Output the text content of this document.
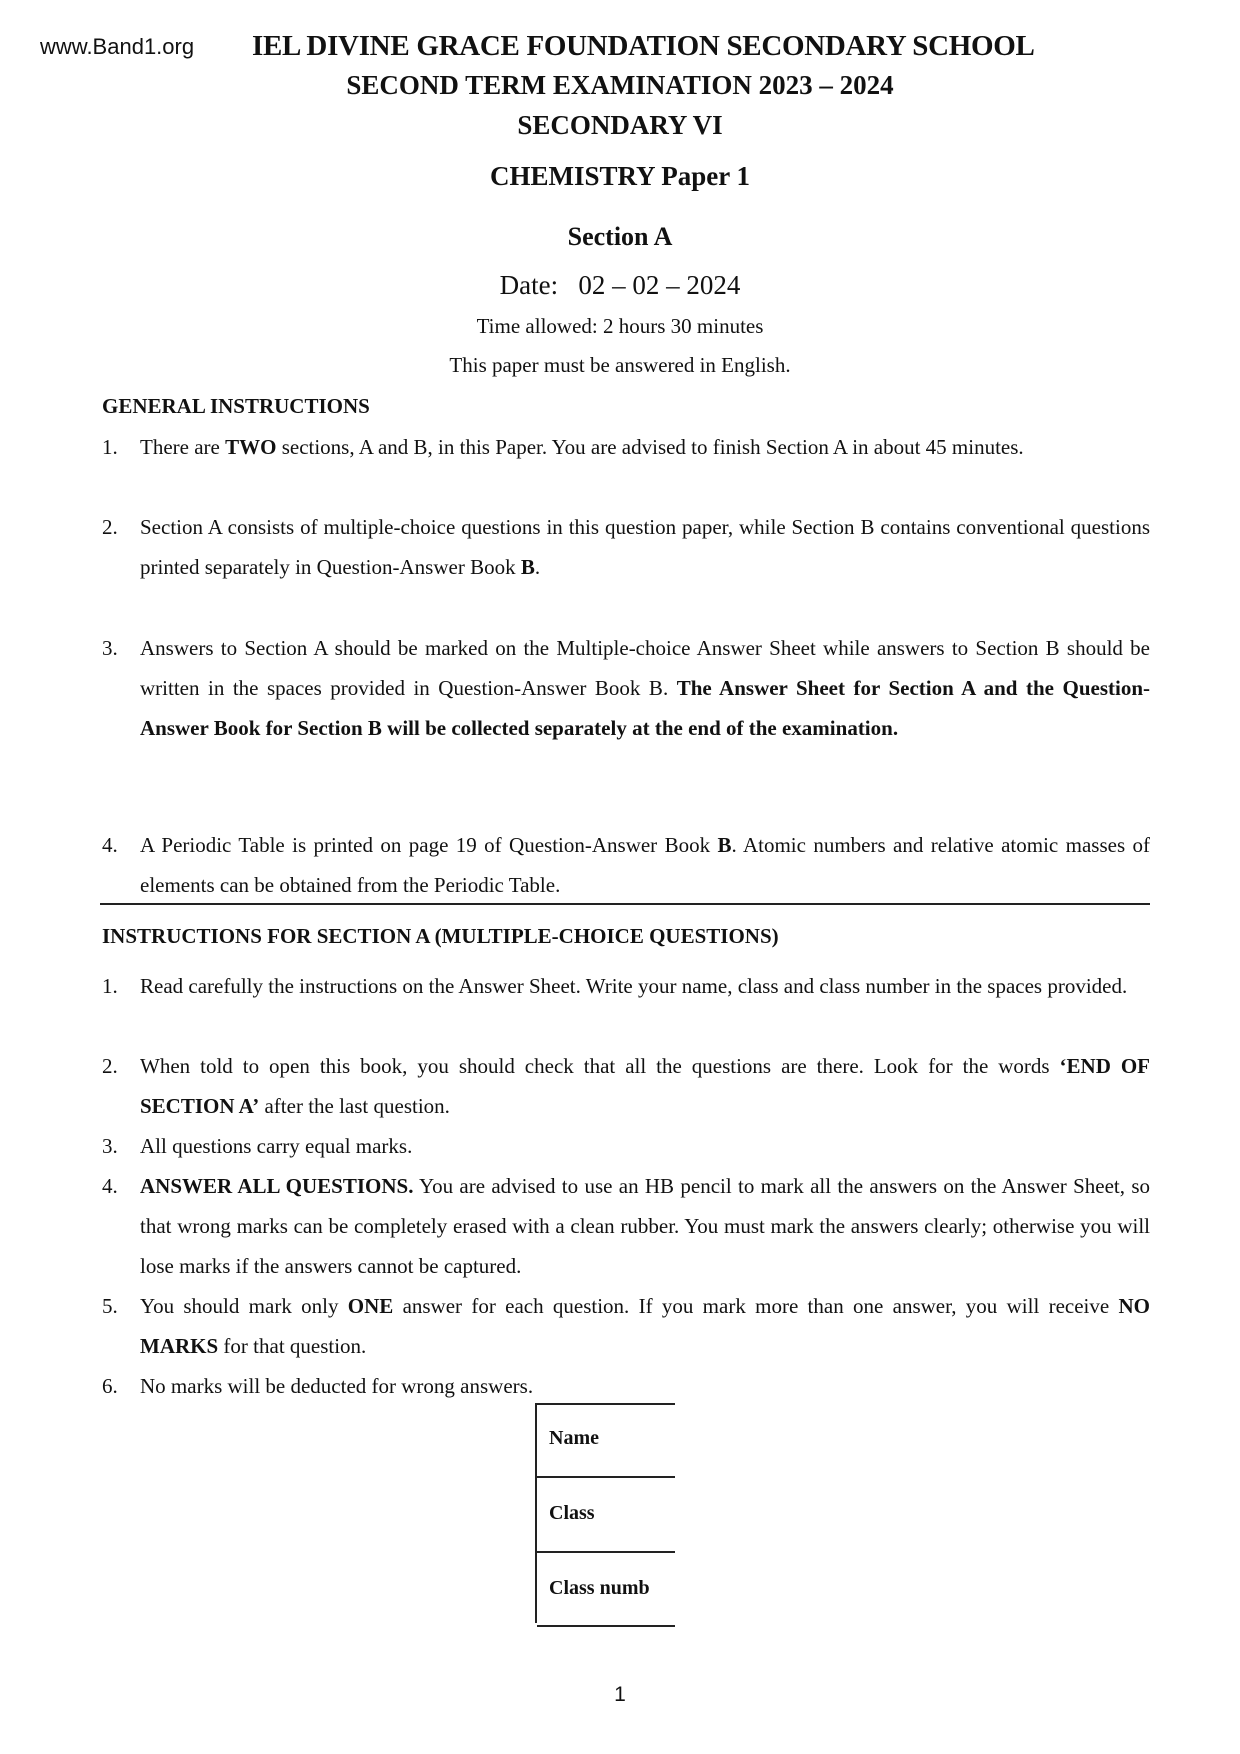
www.Band1.org IEL DIVINE GRACE FOUNDATION SECONDARY SCHOOL
SECOND TERM EXAMINATION 2023 – 2024
SECONDARY VI
CHEMISTRY Paper 1
Section A
Date: 02 – 02 – 2024
Time allowed: 2 hours 30 minutes
This paper must be answered in English.
GENERAL INSTRUCTIONS
1.	There are TWO sections, A and B, in this Paper. You are advised to finish Section A in about 45 minutes.
2.	Section A consists of multiple-choice questions in this question paper, while Section B contains conventional questions printed separately in Question-Answer Book B.
3.	Answers to Section A should be marked on the Multiple-choice Answer Sheet while answers to Section B should be written in the spaces provided in Question-Answer Book B. The Answer Sheet for Section A and the Question-Answer Book for Section B will be collected separately at the end of the examination.
4.	A Periodic Table is printed on page 19 of Question-Answer Book B. Atomic numbers and relative atomic masses of elements can be obtained from the Periodic Table.
INSTRUCTIONS FOR SECTION A (MULTIPLE-CHOICE QUESTIONS)
1.	Read carefully the instructions on the Answer Sheet. Write your name, class and class number in the spaces provided.
2.	When told to open this book, you should check that all the questions are there. Look for the words ‘END OF SECTION A’ after the last question.
3.	All questions carry equal marks.
4.	ANSWER ALL QUESTIONS. You are advised to use an HB pencil to mark all the answers on the Answer Sheet, so that wrong marks can be completely erased with a clean rubber. You must mark the answers clearly; otherwise you will lose marks if the answers cannot be captured.
5.	You should mark only ONE answer for each question. If you mark more than one answer, you will receive NO MARKS for that question.
6.	No marks will be deducted for wrong answers.
Name
Class
Class numb
1
